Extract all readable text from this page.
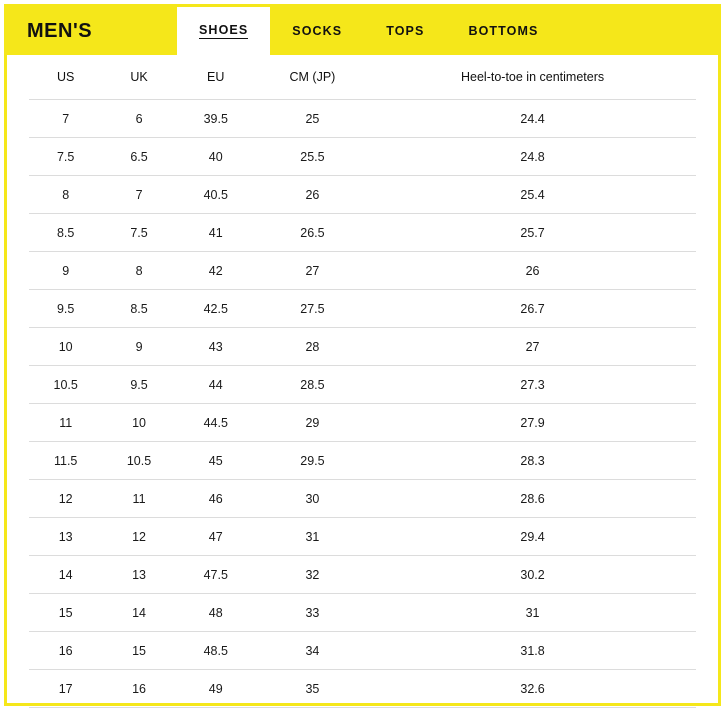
MEN'S	SHOES	SOCKS	TOPS	BOTTOMS
US	UK	EU	CM (JP)	Heel-to-toe in centimeters
7	6	39.5	25	24.4
7.5	6.5	40	25.5	24.8
8	7	40.5	26	25.4
8.5	7.5	41	26.5	25.7
9	8	42	27	26
9.5	8.5	42.5	27.5	26.7
10	9	43	28	27
10.5	9.5	44	28.5	27.3
11	10	44.5	29	27.9
11.5	10.5	45	29.5	28.3
12	11	46	30	28.6
13	12	47	31	29.4
14	13	47.5	32	30.2
15	14	48	33	31
16	15	48.5	34	31.8
17	16	49	35	32.6
